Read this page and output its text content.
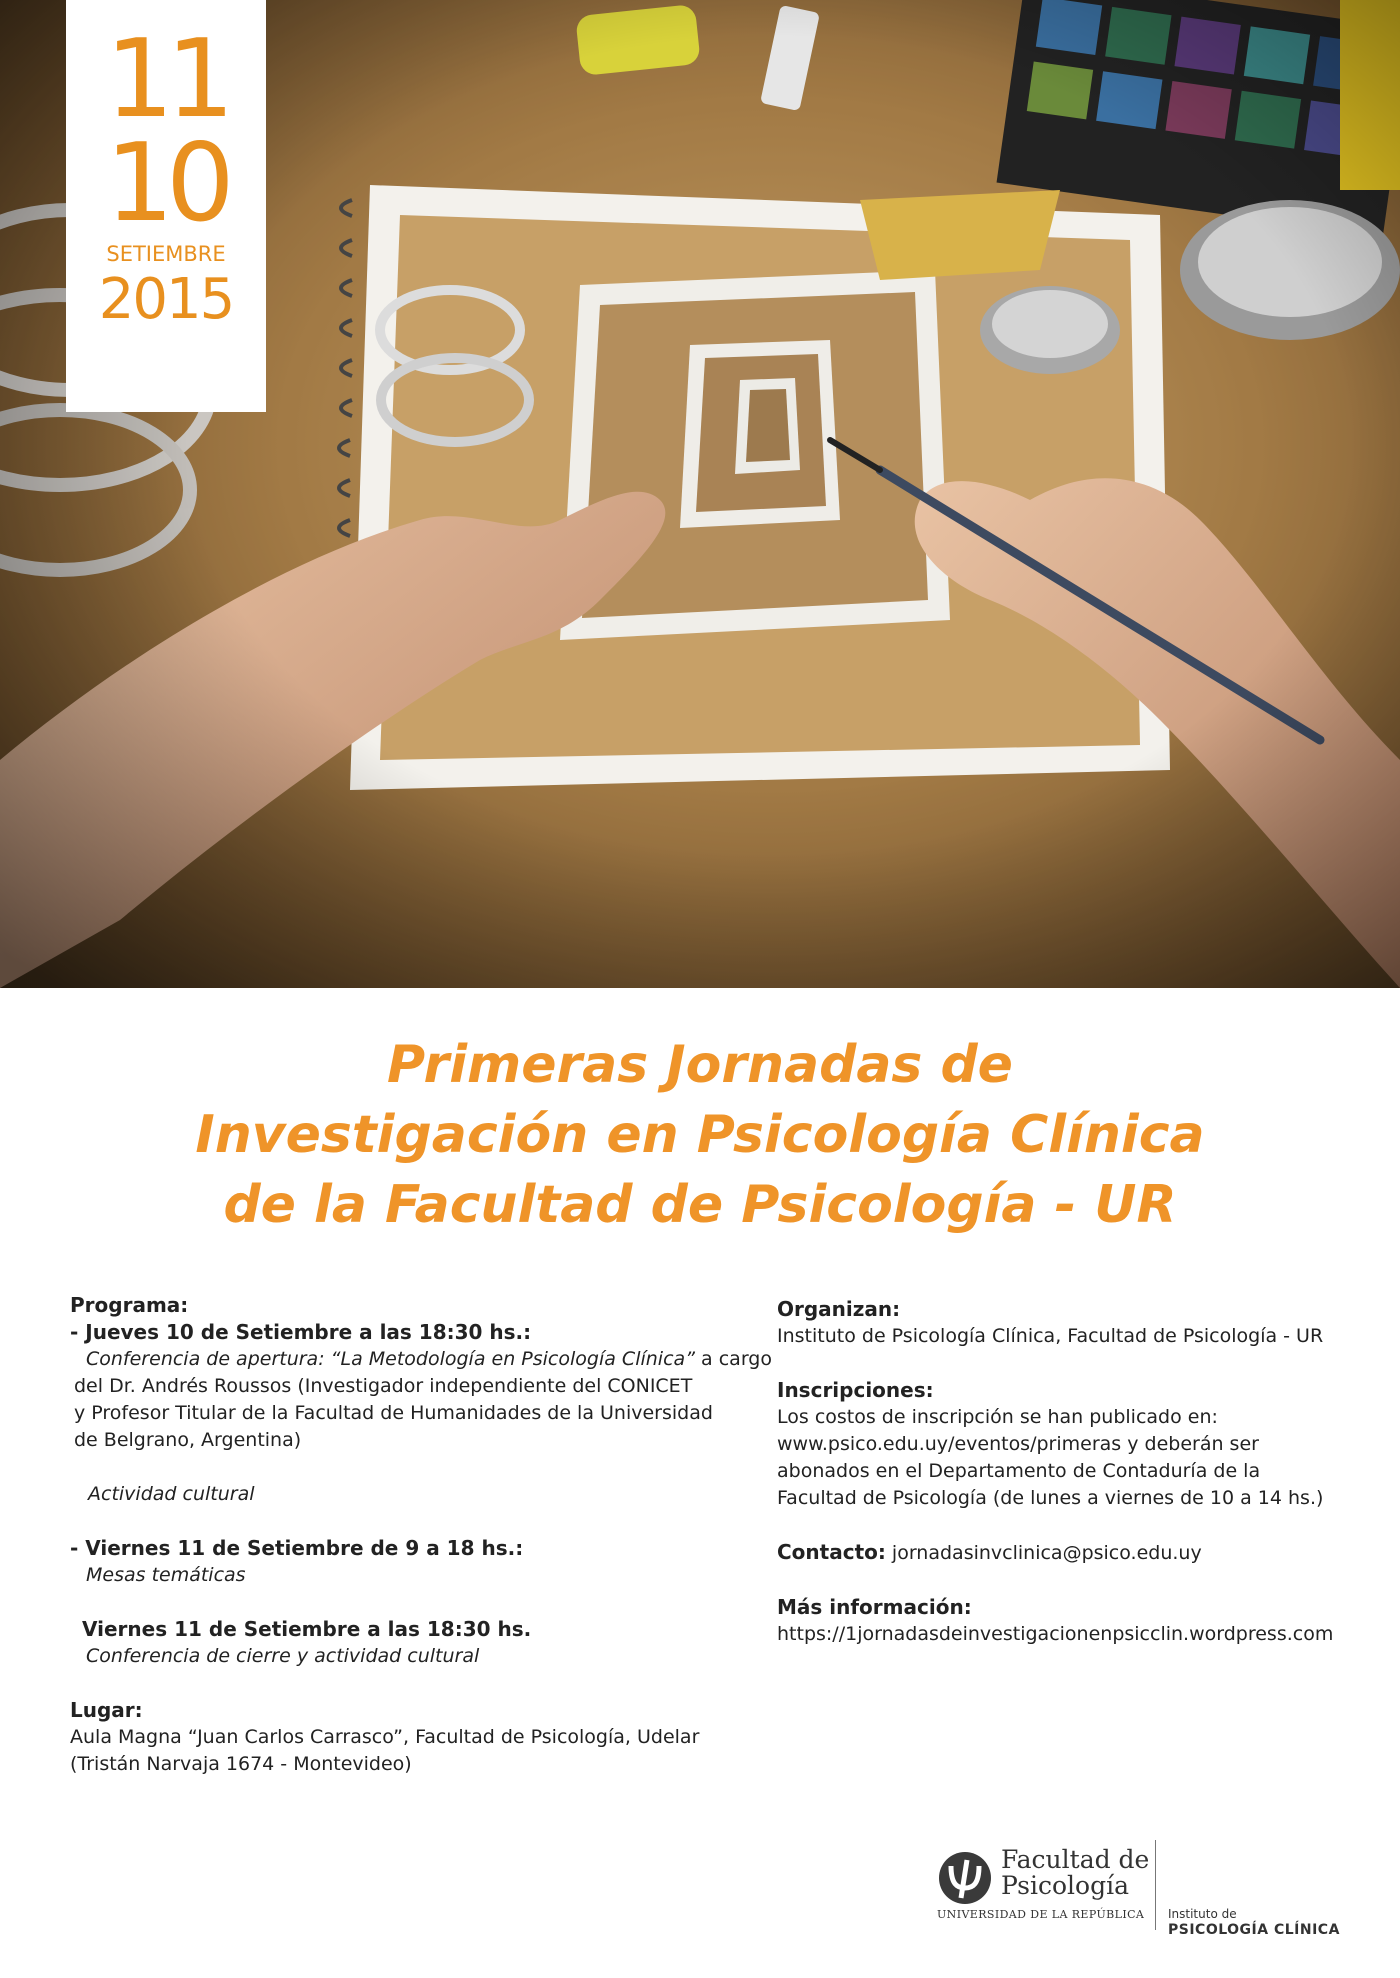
11
10
SETIEMBRE
2015
Primeras Jornadas de
Investigación en Psicología Clínica
de la Facultad de Psicología - UR
Programa:
- Jueves 10 de Setiembre a las 18:30 hs.:
Conferencia de apertura: “La Metodología en Psicología Clínica” a cargo
del Dr. Andrés Roussos (Investigador independiente del CONICET
y Profesor Titular de la Facultad de Humanidades de la Universidad
de Belgrano, Argentina)
Actividad cultural
- Viernes 11 de Setiembre de 9 a 18 hs.:
Mesas temáticas
Viernes 11 de Setiembre a las 18:30 hs.
Conferencia de cierre y actividad cultural
Lugar:
Aula Magna “Juan Carlos Carrasco”, Facultad de Psicología, Udelar
(Tristán Narvaja 1674 - Montevideo)
Organizan:
Instituto de Psicología Clínica, Facultad de Psicología - UR
Inscripciones:
Los costos de inscripción se han publicado en:
www.psico.edu.uy/eventos/primeras y deberán ser
abonados en el Departamento de Contaduría de la
Facultad de Psicología (de lunes a viernes de 10 a 14 hs.)
Contacto: jornadasinvclinica@psico.edu.uy
Más información:
https://1jornadasdeinvestigacionenpsicclin.wordpress.com
Facultad de
Psicología
UNIVERSIDAD DE LA REPÚBLICA Instituto de
PSICOLOGÍA CLÍNICA
